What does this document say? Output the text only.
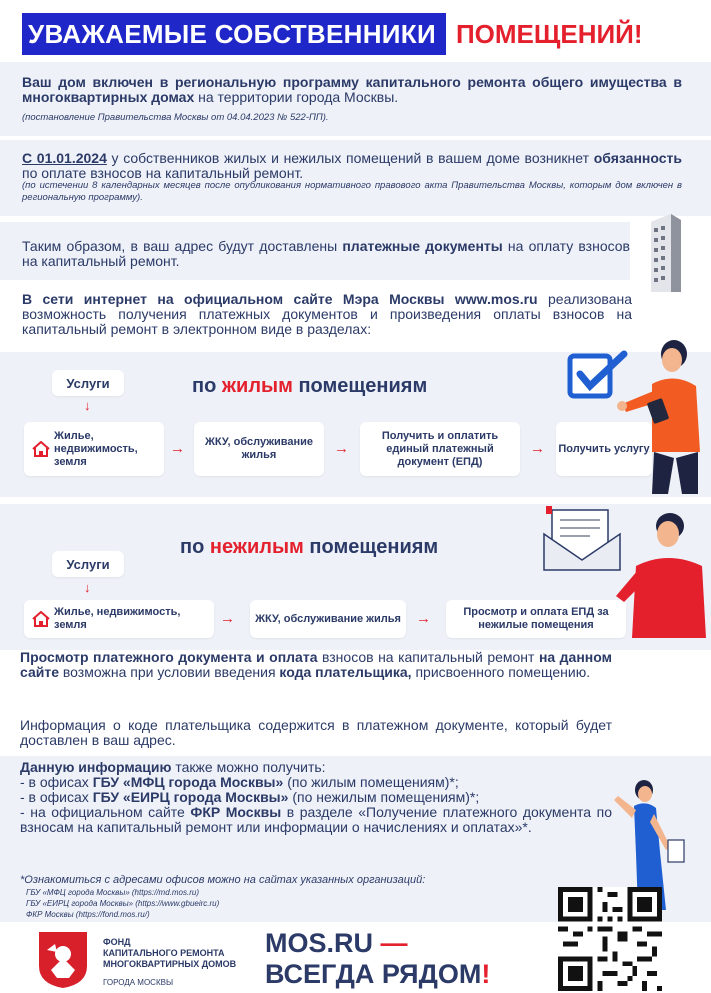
УВАЖАЕМЫЕ СОБСТВЕННИКИ ПОМЕЩЕНИЙ!
Ваш дом включен в региональную программу капитального ремонта общего имущества в многоквартирных домах на территории города Москвы.
(постановление Правительства Москвы от 04.04.2023 № 522-ПП).
С 01.01.2024 у собственников жилых и нежилых помещений в вашем доме возникнет обязанность по оплате взносов на капитальный ремонт.
(по истечении 8 календарных месяцев после опубликования нормативного правового акта Правительства Москвы, которым дом включен в региональную программу).
Таким образом, в ваш адрес будут доставлены платежные документы на оплату взносов на капитальный ремонт.
В сети интернет на официальном сайте Мэра Москвы www.mos.ru реализована возможность получения платежных документов и произведения оплаты взносов на капитальный ремонт в электронном виде в разделах:
Услуги
↓
по жилым помещениям
Жилье, недвижимость, земля
→	ЖКУ, обслуживание жилья	→
Получить и оплатить единый платежный документ (ЕПД)
→ Получить услугу
по нежилым помещениям
Услуги
↓
Жилье, недвижимость, земля	→	ЖКУ, обслуживание жилья	→	Просмотр и оплата ЕПД за нежилые помещения
Просмотр платежного документа и оплата взносов на капитальный ремонт на данном сайте возможна при условии введения кода плательщика, присвоенного помещению.
Информация о коде плательщика содержится в платежном документе, который будет доставлен в ваш адрес.
Данную информацию также можно получить:
- в офисах ГБУ «МФЦ города Москвы» (по жилым помещениям)*;
- в офисах ГБУ «ЕИРЦ города Москвы» (по нежилым помещениям)*;
- на официальном сайте ФКР Москвы в разделе «Получение платежного документа по взносам на капитальный ремонт или информации о начислениях и оплатах»*.
*Ознакомиться с адресами офисов можно на сайтах указанных организаций:
ГБУ «МФЦ города Москвы» (https://md.mos.ru)
ГБУ «ЕИРЦ города Москвы» (https://www.gbueirc.ru)
ФКР Москвы (https://fond.mos.ru/)
ФОНД
КАПИТАЛЬНОГО РЕМОНТА
МНОГОКВАРТИРНЫХ ДОМОВ
ГОРОДА МОСКВЫ
MOS.RU —
ВСЕГДА РЯДОМ!
